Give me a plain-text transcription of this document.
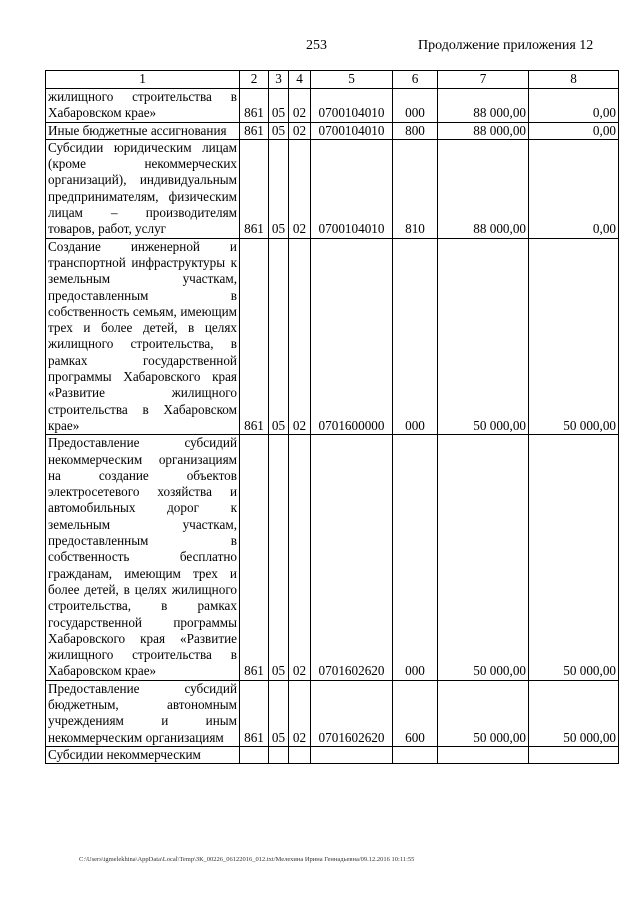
253	Продолжение приложения 12
1	2	3	4	5	6	7	8
жилищного строительства в Хабаровском крае»	861	05	02	0700104010	000	88 000,00	0,00
Иные бюджетные ассигнования	861	05	02	0700104010	800	88 000,00	0,00
Субсидии юридическим лицам (кроме некоммерческих организаций), индивидуальным предпринимателям, физическим лицам – производителям товаров, работ, услуг	861	05	02	0700104010	810	88 000,00	0,00
Создание инженерной и транспортной инфраструктуры к земельным участкам, предоставленным в собственность семьям, имеющим трех и более детей, в целях жилищного строительства, в рамках государственной программы Хабаровского края «Развитие жилищного строительства в Хабаровском крае»	861	05	02	0701600000	000	50 000,00	50 000,00
Предоставление субсидий некоммерческим организациям на создание объектов электросетевого хозяйства и автомобильных дорог к земельным участкам, предоставленным в собственность бесплатно гражданам, имеющим трех и более детей, в целях жилищного строительства, в рамках государственной программы Хабаровского края «Развитие жилищного строительства в Хабаровском крае»	861	05	02	0701602620	000	50 000,00	50 000,00
Предоставление субсидий бюджетным, автономным учреждениям и иным некоммерческим организациям	861	05	02	0701602620	600	50 000,00	50 000,00
Субсидии некоммерческим							
C:\Users\igmelekhina\AppData\Local\Temp\ЗК_00226_06122016_012.txt/Мелехина Ирина Геннадьевна/09.12.2016 10:11:55
